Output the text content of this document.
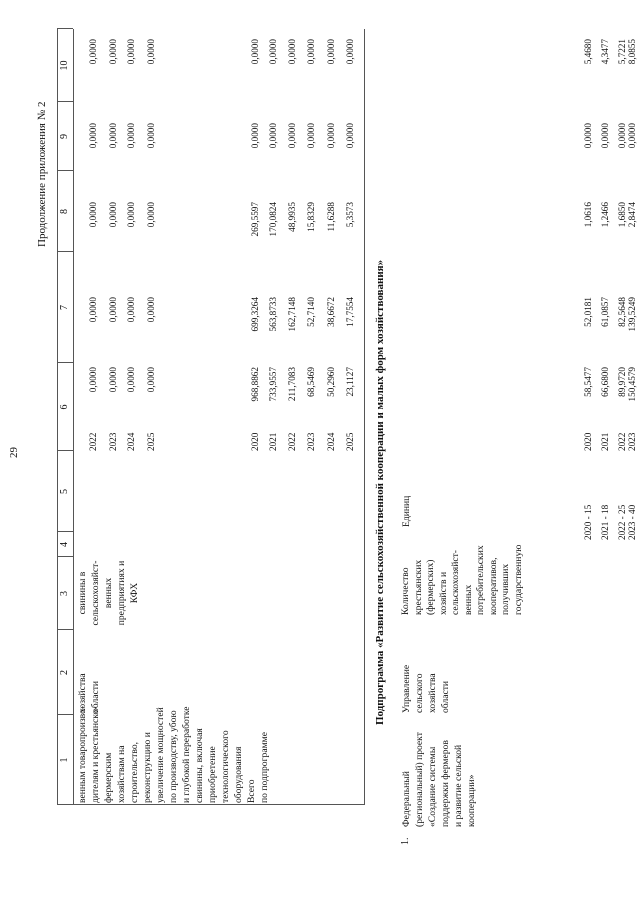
29
Продолжение приложения № 2
1
2
3
4
5
6
7
8
9
10
венным товаропроизво-
дителям и крестьянско-
фермерским
хозяйствам на
строительство,
реконструкцию и
увеличение мощностей
по производству, убою
и глубокой переработке
свинины, включая
приобретение
технологического
оборудования
хозяйства
области
свинины в
сельскохозяйст-
венных
предприятиях и
КФХ
2022
0,0000
0,0000
0,0000
0,0000
0,0000
2023
0,0000
0,0000
0,0000
0,0000
0,0000
2024
0,0000
0,0000
0,0000
0,0000
0,0000
2025
0,0000
0,0000
0,0000
0,0000
0,0000
Всего
по подпрограмме
2020
968,8862
699,3264
269,5597
0,0000
0,0000
2021
733,9557
563,8733
170,0824
0,0000
0,0000
2022
211,7083
162,7148
48,9935
0,0000
0,0000
2023
68,5469
52,7140
15,8329
0,0000
0,0000
2024
50,2960
38,6672
11,6288
0,0000
0,0000
2025
23,1127
17,7554
5,3573
0,0000
0,0000
Подпрограмма «Развитие сельскохозяйственной кооперации и малых форм хозяйствования»
1.
Федеральный
(региональный) проект
«Создание системы
поддержки фермеров
и развитие сельской
кооперации»
Управление
сельского
хозяйства
области
Количество
крестьянских
(фермерских)
хозяйств и
сельскохозяйст-
венных
потребительских
кооперативов,
получивших
государственную
Единиц	2020 - 15
2020
58,5477
52,0181
1,0616
0,0000
5,4680
2021 - 18
2021
66,6800
61,0857
1,2466
0,0000
4,3477
2022 - 25
2022
89,9720
82,5648
1,6850
0,0000
5,7221
2023 - 40
2023
150,4579
139,5249
2,8474
0,0000
8,0855
